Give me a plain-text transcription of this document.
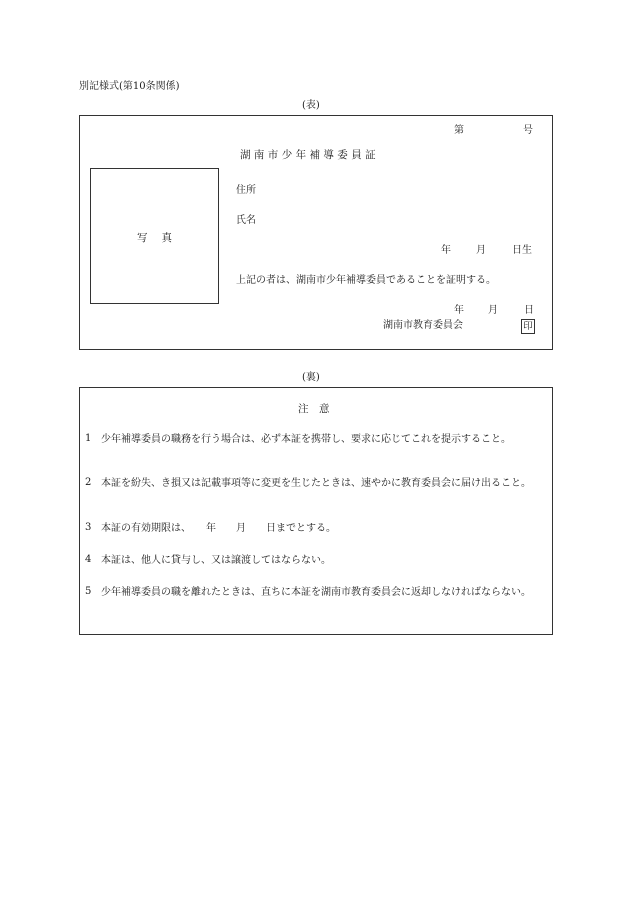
別記様式(第10条関係)
(表)
第	号
湖南市少年補導委員証
写真
住所
氏名
年	月	日生
上記の者は、湖南市少年補導委員であることを証明する。
年 月	日
湖南市教育委員会	印
(裏)
注　意
1 少年補導委員の職務を行う場合は、必ず本証を携帯し、要求に応じてこれを提示すること。
2 本証を紛失、き損又は記載事項等に変更を生じたときは、速やかに教育委員会に届け出ること。
3 本証の有効期限は、　　年　　月　　日までとする。
4 本証は、他人に貸与し、又は譲渡してはならない。
5 少年補導委員の職を離れたときは、直ちに本証を湖南市教育委員会に返却しなければならない。
